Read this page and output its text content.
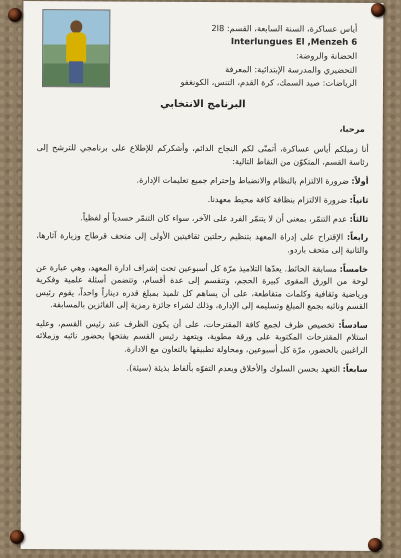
أياس عساكرة، السنة السابعة، القسم: 8ا2
Interlungues El ,Menzeh 6
الحضانة والروضة:
التحضيري والمدرسة الإبتدائية: المعرفة
الرياضات: صيد السمك، كرة القدم، التنس، الكونغفو
البرنامج الانتخابي

مرحبا،

أنا زميلكم أياس عساكرة، أتمنّى لكم النجاح الدائم، وأشكركم للإطلاع على برنامجي للترشح إلى رئاسة القسم، المتكوّن من النقاط التالية:

أولاً: ضرورة الالتزام بالنظام والانضباط وإحترام جميع تعليمات الإدارة.

ثانياً: ضرورة الالتزام بنظافة كافة محيط معهدنا.

ثالثاً: عدم التنمّر، بمعنى أن لا يتنمّر الفرد على الآخر، سواء كان التنمّر حسدياً أو لفظياً.

رابعاً: الإقتراح على إدراة المعهد بتنظيم رحلتين ثقافيتين الأولى إلى متحف قرطاج وزيارة آثارها، والثانية إلى متحف باردو.

خامساً: مسابقة الحائط. يعدّها التلاميذ مرّة كل أسبوعين تحت إشراف ادارة المعهد، وهي عبارة عن لوحة من الورق المقوى كبيرة الحجم، وتنقسم إلى عدة أقسام، وتتضمن أسئلة علمية وفكرية ورياضية وثقافية وكلمات متقاطعة، على أن يساهم كل تلميذ بمبلغ قدره ديناراً واحداً، يقوم رئيس القسم ونائبه بجمع المبلغ وتسليمه إلى الإدارة، وذلك لشراء جائزة رمزية إلى الفائزين بالمسابقة.

سادساً: تخصيص ظرف لجمع كافة المقترحات، على أن يكون الظرف عند رئيس القسم، وعليه استلام المقترحات المكتوبة على ورقة مطوية، ويتعهد رئيس القسم بفتحها بحضور نائبه وزملائه الراغبين بالحضور، مرّة كل أسبوعين، ومحاولة تطبيقها بالتعاون مع الادارة.

سابعاً: التعهد بحسن السلوك والأخلاق وبعدم التفوّه بألفاظ بذيئة (سيئة).
